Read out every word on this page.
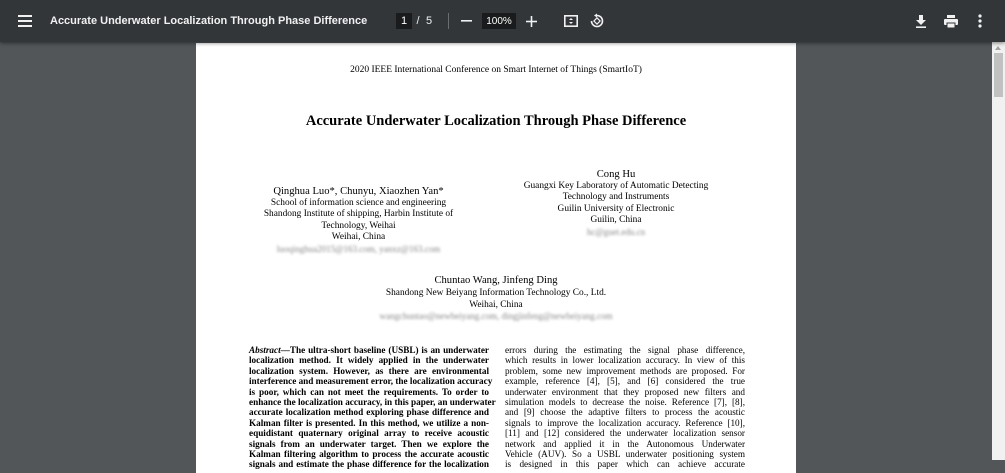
Accurate Underwater Localization Through Phase Difference	1 / 5	100%
2020 IEEE International Conference on Smart Internet of Things (SmartIoT)
Accurate Underwater Localization Through Phase Difference
Qinghua Luo*, Chunyu, Xiaozhen Yan*
School of information science and engineering
Shandong Institute of shipping, Harbin Institute of
Technology, Weihai
Weihai, China
luoqinghua2015@163.com, yanxz@163.com
Cong Hu
Guangxi Key Laboratory of Automatic Detecting
Technology and Instruments
Guilin University of Electronic
Guilin, China
hc@guet.edu.cn
Chuntao Wang, Jinfeng Ding
Shandong New Beiyang Information Technology Co., Ltd.
Weihai, China
wangchuntao@newbeiyang.com, dingjinfeng@newbeiyang.com
Abstract—The ultra-short baseline (USBL) is an underwater
localization method. It widely applied in the underwater
localization system. However, as there are environmental
interference and measurement error, the localization accuracy
is poor, which can not meet the requirements. To order to
enhance the localization accuracy, in this paper, an underwater
accurate localization method exploring phase difference and
Kalman filter is presented. In this method, we utilize a non-
equidistant quaternary original array to receive acoustic
signals from an underwater target. Then we explore the
Kalman filtering algorithm to process the accurate acoustic
signals and estimate the phase difference for the localization
errors during the estimating the signal phase difference,
which results in lower localization accuracy. In view of this
problem, some new improvement methods are proposed. For
example, reference [4], [5], and [6] considered the true
underwater environment that they proposed new filters and
simulation models to decrease the noise. Reference [7], [8],
and [9] choose the adaptive filters to process the acoustic
signals to improve the localization accuracy. Reference [10],
[11] and [12] considered the underwater localization sensor
network and applied it in the Autonomous Underwater
Vehicle (AUV). So a USBL underwater positioning system
is designed in this paper which can achieve accurate
